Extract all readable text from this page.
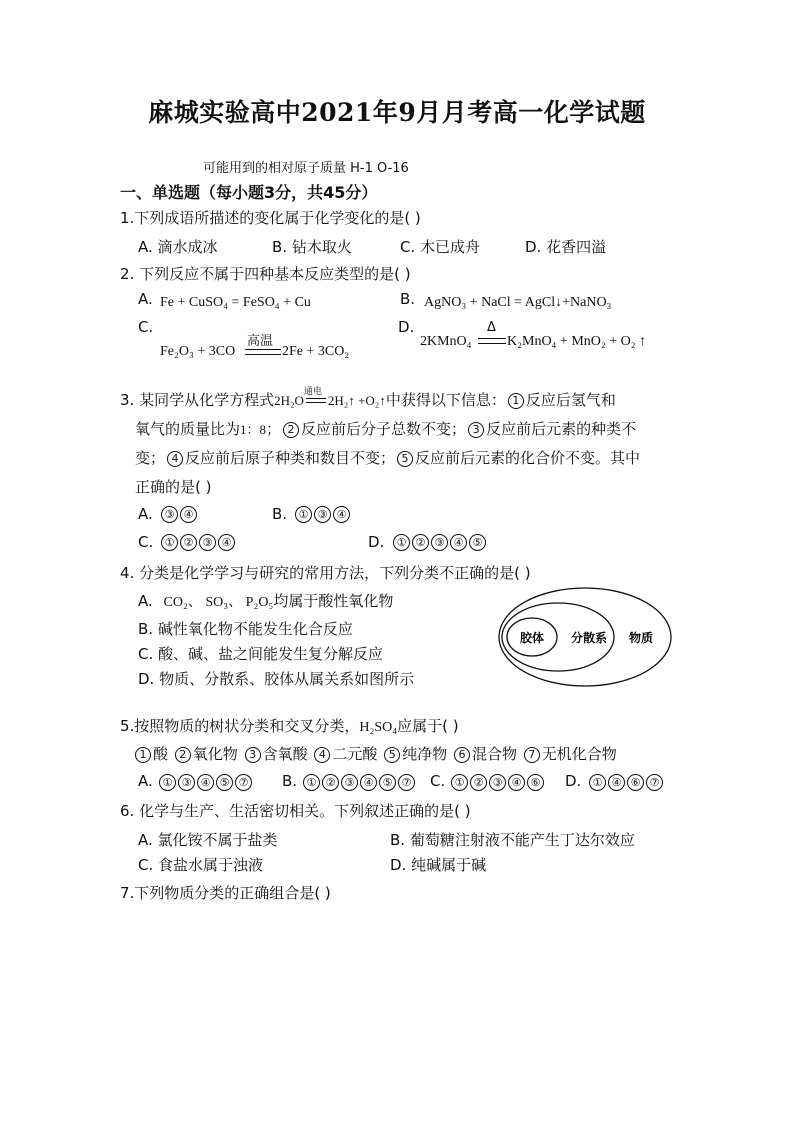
麻城实验高中2021年9月月考高一化学试题
可能用到的相对原子质量 H-1 O-16
一、单选题（每小题3分，共45分）
1.下列成语所描述的变化属于化学变化的是( )
A. 滴水成冰	B. 钻木取火	C. 木已成舟	D. 花香四溢
2. 下列反应不属于四种基本反应类型的是( )
A. Fe + CuSO₄ = FeSO₄ + Cu	B. AgNO₃ + NaCl = AgCl↓+NaNO₃
C.
Fe₂O₃ + 3CO
高温
2Fe + 3CO₂
D.
2KMnO₄
Δ
K₂MnO₄ + MnO₂ + O₂ ↑
3. 某同学从化学方程式2H₂O
通电
2H₂↑ +O₂↑中获得以下信息： 1 反应后氢气和
氧气的质量比为1：8； 2 反应前后分子总数不变； 3 反应前后元素的种类不
变； 4 反应前后原子种类和数目不变； 5 反应前后元素的化合价不变。其中
正确的是( )
A.	③ ④	B.	① ③ ④
C.	① ② ③ ④	D.	① ② ③ ④ ⑤
4. 分类是化学学习与研究的常用方法，下列分类不正确的是( )
A. CO₂、 SO₃、 P₂O₅均属于酸性氧化物
B. 碱性氧化物不能发生化合反应
C. 酸、碱、盐之间能发生复分解反应
D. 物质、分散系、胶体从属关系如图所示
胶体 分散系 物质
5.按照物质的树状分类和交叉分类，H₂SO₄应属于( )
1 酸 2 氧化物 3 含氧酸 4 二元酸 5 纯净物 6 混合物 7 无机化合物
A. ① ③ ④ ⑤ ⑦	B. ① ② ③ ④ ⑤ ⑦	C. ① ② ③ ④ ⑥	D.	① ④ ⑥ ⑦
6. 化学与生产、生活密切相关。下列叙述正确的是( )
A. 氯化铵不属于盐类	B. 葡萄糖注射液不能产生丁达尔效应
C. 食盐水属于浊液	D. 纯碱属于碱
7.下列物质分类的正确组合是( )
